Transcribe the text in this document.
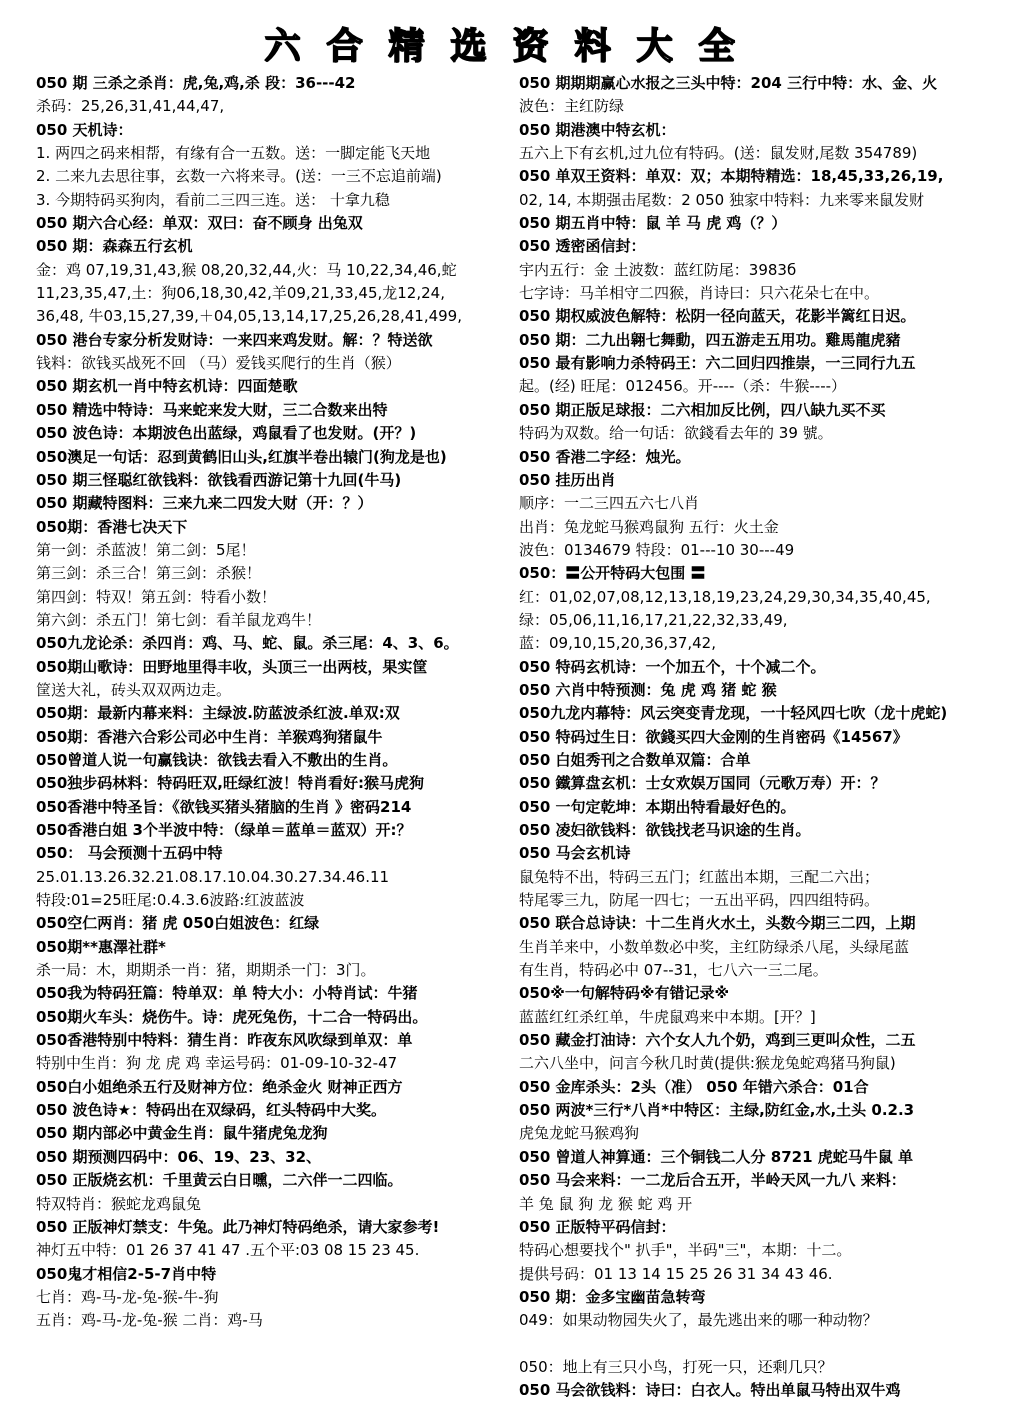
六合精选资料大全
050 期 三杀之杀肖：虎,兔,鸡,杀 段：36---42
杀码：25,26,31,41,44,47,
050 天机诗：
1. 两四之码来相帮，有缘有合一五数。送：一脚定能飞天地
2. 二来九去思往事，玄数一六将来寻。(送：一三不忘追前端)
3. 今期特码买狗肉，看前二三四三连。送： 十拿九稳
050 期六合心经：单双：双曰：奋不顾身 出兔双
050 期：森森五行玄机
金：鸡 07,19,31,43,猴 08,20,32,44,火：马 10,22,34,46,蛇
11,23,35,47,土：狗06,18,30,42,羊09,21,33,45,龙12,24,
36,48, 牛03,15,27,39,＋04,05,13,14,17,25,26,28,41,499,
050 港台专家分析发财诗：一来四来鸡发财。解：？特送欲
钱料：欲钱买战死不回 （马）爱钱买爬行的生肖（猴）
050 期玄机一肖中特玄机诗：四面楚歌
050 精选中特诗：马来蛇来发大财，三二合数来出特
050 波色诗：本期波色出蓝绿，鸡鼠看了也发财。(开？)
050澳足一句话：忍到黄鹤旧山头,红旗半卷出辕门(狗龙是也)
050 期三怪聪红欲钱料：欲钱看西游记第十九回(牛马)
050 期藏特图料：三来九来二四发大财（开：？）
050期：香港七决天下
第一剑：杀蓝波！第二剑：5尾！
第三剑：杀三合！第三剑：杀猴！
第四剑：特双！第五剑：特看小数！
第六剑：杀五门！第七剑：看羊鼠龙鸡牛！
050九龙论杀：杀四肖：鸡、马、蛇、鼠。杀三尾：4、3、6。
050期山歌诗：田野地里得丰收，头顶三一出两枝，果实筐
筐送大礼，砖头双双两边走。
050期：最新内幕来料：主绿波.防蓝波杀红波.单双:双
050期：香港六合彩公司必中生肖：羊猴鸡狗猪鼠牛
050曾道人说一句赢钱诀：欲钱去看入不敷出的生肖。
050独步码林料：特码旺双,旺绿红波！特肖看好:猴马虎狗
050香港中特圣旨：《欲钱买猪头猪脑的生肖 》密码214
050香港白姐 3个半波中特：（绿单＝蓝单＝蓝双）开:？
050： 马会预测十五码中特
25.01.13.26.32.21.08.17.10.04.30.27.34.46.11
特段:01=25旺尾:0.4.3.6波路:红波蓝波
050空仁两肖：猪 虎 050白姐波色：红绿
050期**惠澤社群*
杀一局：木，期期杀一肖：猪，期期杀一门：3门。
050我为特码狂篇：特单双：单 特大小：小特肖试：牛猪
050期火车头：烧伤牛。诗：虎死兔伤，十二合一特码出。
050香港特别中特料：猜生肖：昨夜东风吹绿到单双：单
特别中生肖：狗 龙 虎 鸡 幸运号码：01-09-10-32-47
050白小姐绝杀五行及财神方位：绝杀金火 财神正西方
050 波色诗★：特码出在双绿码，红头特码中大奖。
050 期内部必中黄金生肖：鼠牛猪虎兔龙狗
050 期预测四码中：06、19、23、32、
050 正版烧玄机：千里黄云白日曛，二六伴一二四临。
特双特肖：猴蛇龙鸡鼠兔
050 正版神灯禁支：牛兔。此乃神灯特码绝杀，请大家参考!
神灯五中特：01 26 37 41 47 .五个平:03 08 15 23 45.
050鬼才相信2-5-7肖中特
七肖：鸡-马-龙-兔-猴-牛-狗
五肖：鸡-马-龙-兔-猴 二肖：鸡-马
050 期期期赢心水报之三头中特：204 三行中特：水、金、火
波色：主红防绿
050 期港澳中特玄机：
五六上下有玄机,过九位有特码。(送：鼠发财,尾数 354789)
050 单双王资料：单双：双；本期特精选：18,45,33,26,19,
02, 14, 本期强击尾数：2 050 独家中特料：九来零来鼠发财
050 期五肖中特：鼠 羊 马 虎 鸡（？）
050 透密函信封：
宇内五行：金 土波数：蓝红防尾：3983б
七字诗：马羊相守二四猴，肖诗曰：只六花朵七在中。
050 期权威波色解特：松阴一径向蓝天，花影半篱红日迟。
050 期：二九出翱七舞動，四五游走五用功。雞馬龍虎豬
050 最有影响力杀特码王：六二回归四推崇，一三同行九五
起。(经) 旺尾：012456。开----（杀：牛猴----）
050 期正版足球报：二六相加反比例，四八缺九买不买
特码为双数。给一句话：欲錢看去年的 39 號。
050 香港二字经：烛光。
050 挂历出肖
顺序：一二三四五六七八肖
出肖：兔龙蛇马猴鸡鼠狗 五行：火土金
波色：0134679 特段：01---10 30---49
050：〓公开特码大包围 〓
红：01,02,07,08,12,13,18,19,23,24,29,30,34,35,40,45,
绿：05,06,11,16,17,21,22,32,33,49,
蓝：09,10,15,20,36,37,42,
050 特码玄机诗：一个加五个，十个减二个。
050 六肖中特预测：兔 虎 鸡 猪 蛇 猴
050九龙内幕特：风云突变青龙现，一十轻风四七吹（龙十虎蛇)
050 特码过生日：欲錢买四大金刚的生肖密码《14567》
050 白姐秀刊之合数单双篇：合单
050 鐵算盘玄机：士女欢娱万国同（元歌万寿）开：？
050 一句定乾坤：本期出特看最好色的。
050 凌妇欲钱料：欲钱找老马识途的生肖。
050 马会玄机诗
鼠兔特不出，特码三五门；红蓝出本期，三配二六出；
特尾零三九，防尾一四七；一五出平码，四四组特码。
050 联合总诗诀：十二生肖火水土，头数今期三二四，上期
生肖羊来中，小数单数必中奖，主红防绿杀八尾，头绿尾蓝
有生肖，特码必中 07--31，七八六一三二尾。
050※一句解特码※有错记录※
蓝蓝红红杀红单，牛虎鼠鸡来中本期。[开？]
050 藏金打油诗：六个女人九个奶，鸡到三更叫众性，二五
二六八坐中，问言今秋几时黄(提供:猴龙兔蛇鸡猪马狗鼠)
050 金库杀头：2头（准） 050 年错六杀合：01合
050 两波*三行*八肖*中特区：主绿,防红金,水,土头 0.2.3
虎兔龙蛇马猴鸡狗
050 曾道人神算通：三个铜钱二人分 8721 虎蛇马牛鼠 单
050 马会来料：一二龙后合五开，半岭天风一九八 来料：
羊 兔 鼠 狗 龙 猴 蛇 鸡 开
050 正版特平码信封：
特码心想要找个" 扒手"，半码"三"，本期：十二。
提供号码：01 13 14 15 25 26 31 34 43 46.
050 期：金多宝幽苗急转弯
049：如果动物园失火了，最先逃出来的哪一种动物？
050：地上有三只小鸟，打死一只，还剩几只？
050 马会欲钱料：诗曰：白衣人。特出单鼠马特出双牛鸡
